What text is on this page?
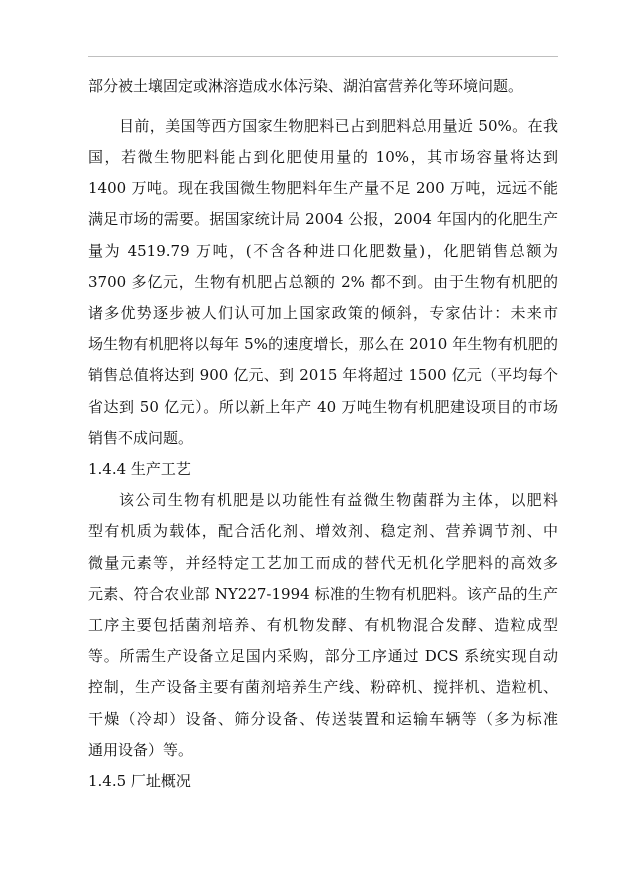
部分被土壤固定或淋溶造成水体污染、湖泊富营养化等环境问题。
目前，美国等西方国家生物肥料已占到肥料总用量近 50%。在我
国，若微生物肥料能占到化肥使用量的 10%，其市场容量将达到
1400 万吨。现在我国微生物肥料年生产量不足 200 万吨，远远不能
满足市场的需要。据国家统计局 2004 公报，2004 年国内的化肥生产
量为 4519.79 万吨，(不含各种进口化肥数量)，化肥销售总额为
3700 多亿元，生物有机肥占总额的 2% 都不到。由于生物有机肥的
诸多优势逐步被人们认可加上国家政策的倾斜，专家估计：未来市
场生物有机肥将以每年 5%的速度增长，那么在 2010 年生物有机肥的
销售总值将达到 900 亿元、到 2015 年将超过 1500 亿元（平均每个
省达到 50 亿元）。所以新上年产 40 万吨生物有机肥建设项目的市场
销售不成问题。
1.4.4 生产工艺
该公司生物有机肥是以功能性有益微生物菌群为主体，以肥料
型有机质为载体，配合活化剂、增效剂、稳定剂、营养调节剂、中
微量元素等，并经特定工艺加工而成的替代无机化学肥料的高效多
元素、符合农业部 NY227-1994 标准的生物有机肥料。该产品的生产
工序主要包括菌剂培养、有机物发酵、有机物混合发酵、造粒成型
等。所需生产设备立足国内采购，部分工序通过 DCS 系统实现自动
控制，生产设备主要有菌剂培养生产线、粉碎机、搅拌机、造粒机、
干燥（冷却）设备、筛分设备、传送装置和运输车辆等（多为标准
通用设备）等。
1.4.5 厂址概况
